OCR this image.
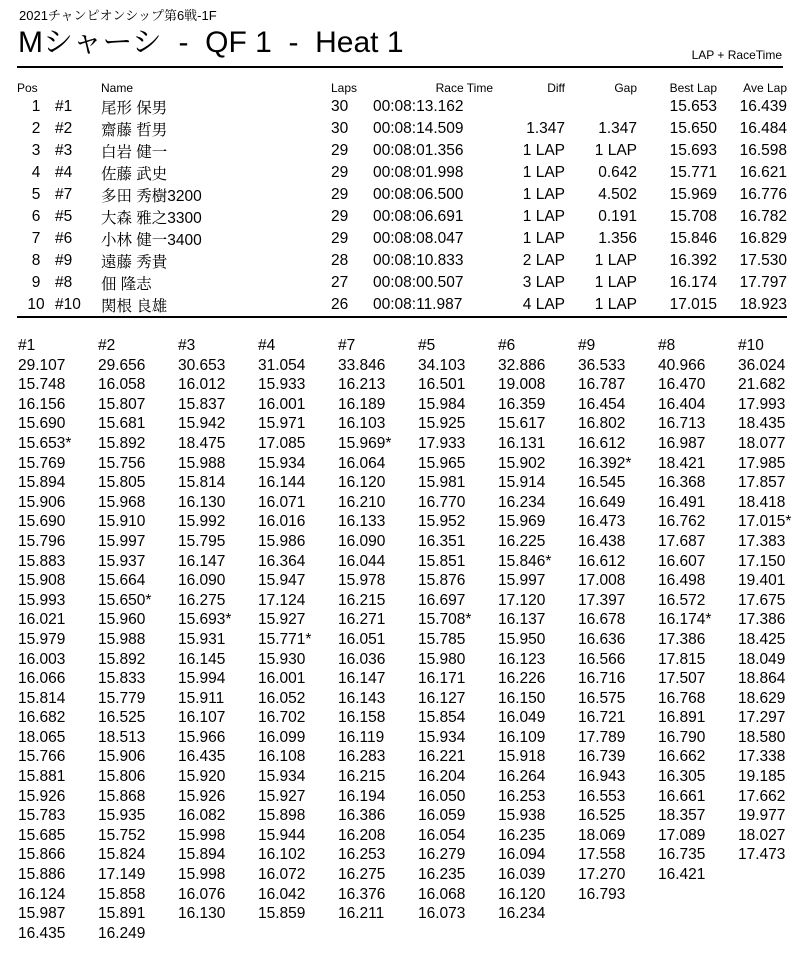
2021チャンピオンシップ第6戦-1F
Mシャーシ  -  QF 1  -  Heat 1	LAP + RaceTime
Pos		Name	Laps	Race Time	Diff	Gap	Best Lap	Ave Lap
1	#1	尾形 保男	30	00:08:13.162			15.653	16.439
2	#2	齋藤 哲男	30	00:08:14.509	1.347	1.347	15.650	16.484
3	#3	白岩 健一	29	00:08:01.356	1 LAP	1 LAP	15.693	16.598
4	#4	佐藤 武史	29	00:08:01.998	1 LAP	0.642	15.771	16.621
5	#7	多田 秀樹3200	29	00:08:06.500	1 LAP	4.502	15.969	16.776
6	#5	大森 雅之3300	29	00:08:06.691	1 LAP	0.191	15.708	16.782
7	#6	小林 健一3400	29	00:08:08.047	1 LAP	1.356	15.846	16.829
8	#9	遠藤 秀貴	28	00:08:10.833	2 LAP	1 LAP	16.392	17.530
9	#8	佃 隆志	27	00:08:00.507	3 LAP	1 LAP	16.174	17.797
10	#10	関根 良雄	26	00:08:11.987	4 LAP	1 LAP	17.015	18.923
#1	#2	#3	#4	#7	#5	#6	#9	#8	#10
29.107	29.656	30.653	31.054	33.846	34.103	32.886	36.533	40.966	36.024
15.748	16.058	16.012	15.933	16.213	16.501	19.008	16.787	16.470	21.682
16.156	15.807	15.837	16.001	16.189	15.984	16.359	16.454	16.404	17.993
15.690	15.681	15.942	15.971	16.103	15.925	15.617	16.802	16.713	18.435
15.653*	15.892	18.475	17.085	15.969*	17.933	16.131	16.612	16.987	18.077
15.769	15.756	15.988	15.934	16.064	15.965	15.902	16.392*	18.421	17.985
15.894	15.805	15.814	16.144	16.120	15.981	15.914	16.545	16.368	17.857
15.906	15.968	16.130	16.071	16.210	16.770	16.234	16.649	16.491	18.418
15.690	15.910	15.992	16.016	16.133	15.952	15.969	16.473	16.762	17.015*
15.796	15.997	15.795	15.986	16.090	16.351	16.225	16.438	17.687	17.383
15.883	15.937	16.147	16.364	16.044	15.851	15.846*	16.612	16.607	17.150
15.908	15.664	16.090	15.947	15.978	15.876	15.997	17.008	16.498	19.401
15.993	15.650*	16.275	17.124	16.215	16.697	17.120	17.397	16.572	17.675
16.021	15.960	15.693*	15.927	16.271	15.708*	16.137	16.678	16.174*	17.386
15.979	15.988	15.931	15.771*	16.051	15.785	15.950	16.636	17.386	18.425
16.003	15.892	16.145	15.930	16.036	15.980	16.123	16.566	17.815	18.049
16.066	15.833	15.994	16.001	16.147	16.171	16.226	16.716	17.507	18.864
15.814	15.779	15.911	16.052	16.143	16.127	16.150	16.575	16.768	18.629
16.682	16.525	16.107	16.702	16.158	15.854	16.049	16.721	16.891	17.297
18.065	18.513	15.966	16.099	16.119	15.934	16.109	17.789	16.790	18.580
15.766	15.906	16.435	16.108	16.283	16.221	15.918	16.739	16.662	17.338
15.881	15.806	15.920	15.934	16.215	16.204	16.264	16.943	16.305	19.185
15.926	15.868	15.926	15.927	16.194	16.050	16.253	16.553	16.661	17.662
15.783	15.935	16.082	15.898	16.386	16.059	15.938	16.525	18.357	19.977
15.685	15.752	15.998	15.944	16.208	16.054	16.235	18.069	17.089	18.027
15.866	15.824	15.894	16.102	16.253	16.279	16.094	17.558	16.735	17.473
15.886	17.149	15.998	16.072	16.275	16.235	16.039	17.270	16.421	
16.124	15.858	16.076	16.042	16.376	16.068	16.120	16.793		
15.987	15.891	16.130	15.859	16.211	16.073	16.234			
16.435	16.249								
